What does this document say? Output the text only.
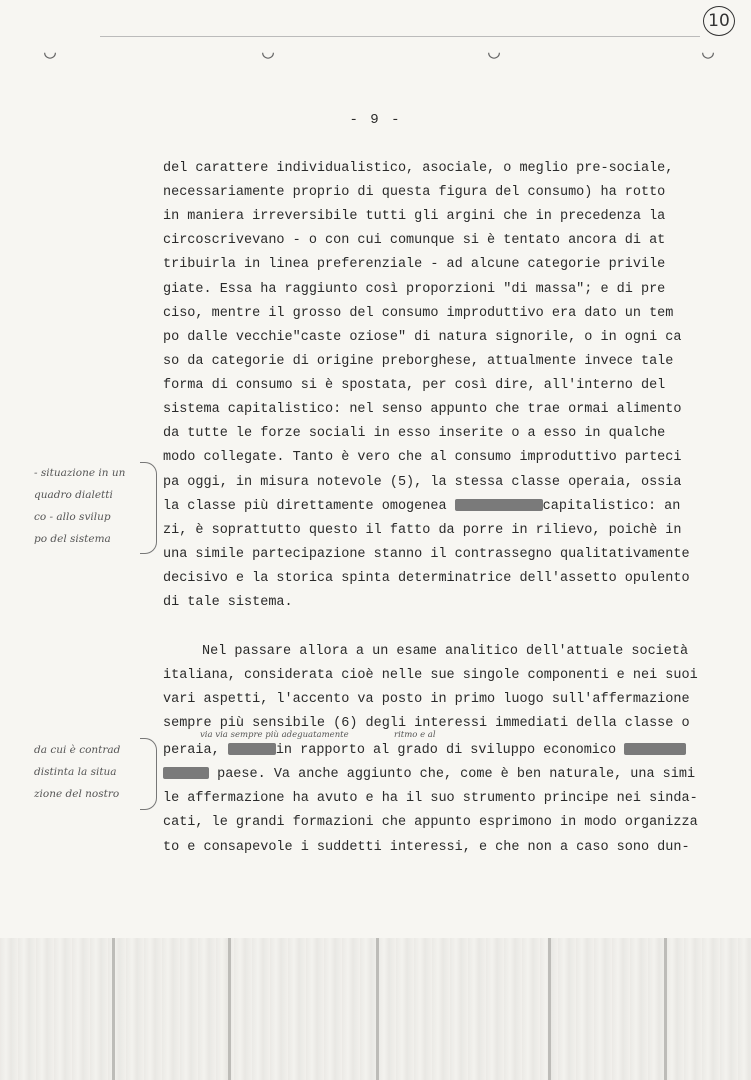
10
◡	◡	◡	◡
- 9 -
del carattere individualistico, asociale, o meglio pre-sociale,
necessariamente proprio di questa figura del consumo) ha rotto
in maniera irreversibile tutti gli argini che in precedenza la
circoscrivevano - o con cui comunque si è tentato ancora di at
tribuirla in linea preferenziale - ad alcune categorie privile
giate. Essa ha raggiunto così proporzioni "di massa"; e di pre
ciso, mentre il grosso del consumo improduttivo era dato un tem
po dalle vecchie"caste oziose" di natura signorile, o in ogni ca
so da categorie di origine preborghese, attualmente invece tale
forma di consumo si è spostata, per così dire, all'interno del
sistema capitalistico: nel senso appunto che trae ormai alimento
da tutte le forze sociali in esso inserite o a esso in qualche
modo collegate. Tanto è vero che al consumo improduttivo parteci
pa oggi, in misura notevole (5), la stessa classe operaia, ossia
la classe più direttamente omogenea	capitalistico: an
zi, è soprattutto questo il fatto da porre in rilievo, poichè in
una simile partecipazione stanno il contrassegno qualitativamente
decisivo e la storica spinta determinatrice dell'assetto opulento
di tale sistema.
Nel passare allora a un esame analitico dell'attuale società
italiana, considerata cioè nelle sue singole componenti e nei suoi
vari aspetti, l'accento va posto in primo luogo sull'affermazione
sempre più sensibile (6) degli interessi immediati della classe o
peraia,	in rapporto al grado di sviluppo economico
paese. Va anche aggiunto che, come è ben naturale, una simi
le affermazione ha avuto e ha il suo strumento principe nei sinda-
cati, le grandi formazioni che appunto esprimono in modo organizza
to e consapevole i suddetti interessi, e che non a caso sono dun-
via via sempre più adeguatamente	ritmo e al
- situazione in un
quadro dialetti
co - allo svilup
po del sistema
da cui è contrad
distinta la situa
zione del nostro
